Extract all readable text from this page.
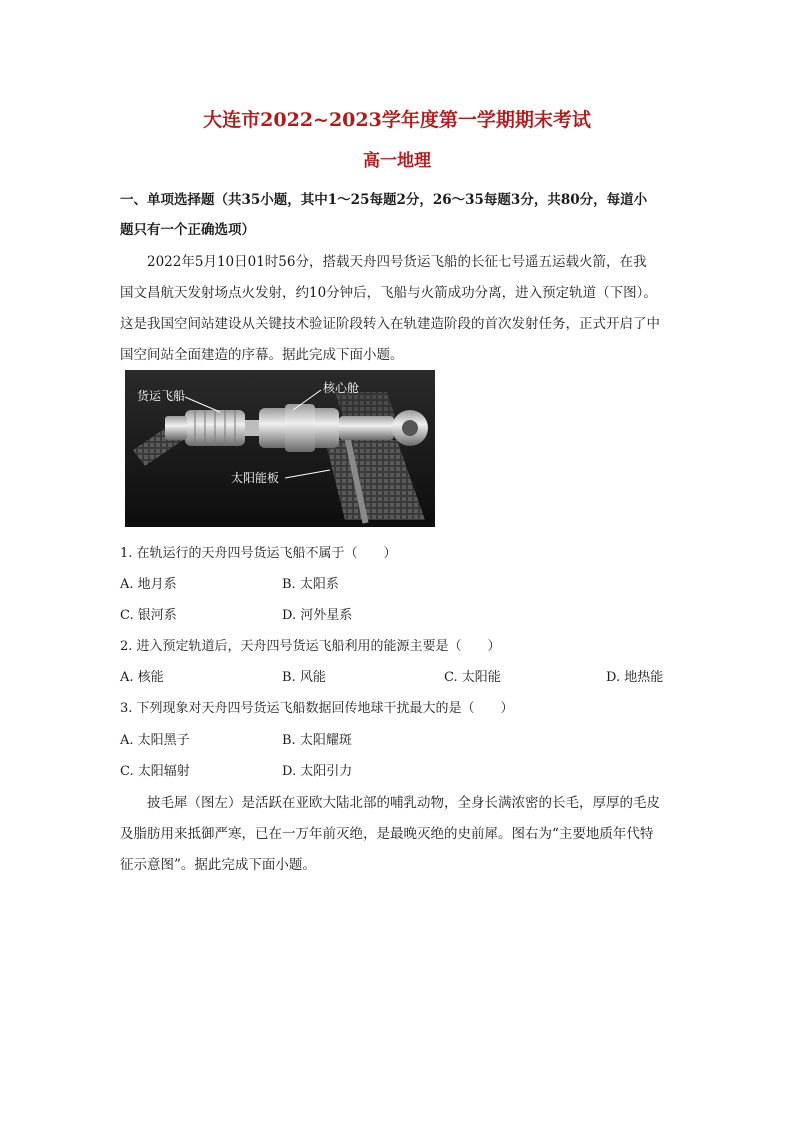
大连市2022~2023学年度第一学期期末考试
高一地理
一、单项选择题（共35小题，其中1～25每题2分，26～35每题3分，共80分，每道小
题只有一个正确选项）
2022年5月10日01时56分，搭载天舟四号货运飞船的长征七号遥五运载火箭，在我
国文昌航天发射场点火发射，约10分钟后，飞船与火箭成功分离，进入预定轨道（下图）。
这是我国空间站建设从关键技术验证阶段转入在轨建造阶段的首次发射任务，正式开启了中
国空间站全面建造的序幕。据此完成下面小题。
货运飞船
核心舱
太阳能板
1. 在轨运行的天舟四号货运飞船不属于（　　）
A. 地月系	B. 太阳系
C. 银河系	D. 河外星系
2. 进入预定轨道后，天舟四号货运飞船利用的能源主要是（　　）
A. 核能	B. 风能	C. 太阳能	D. 地热能
3. 下列现象对天舟四号货运飞船数据回传地球干扰最大的是（　　）
A. 太阳黑子	B. 太阳耀斑
C. 太阳辐射	D. 太阳引力
披毛犀（图左）是活跃在亚欧大陆北部的哺乳动物，全身长满浓密的长毛，厚厚的毛皮
及脂肪用来抵御严寒，已在一万年前灭绝，是最晚灭绝的史前犀。图右为“主要地质年代特
征示意图”。据此完成下面小题。
